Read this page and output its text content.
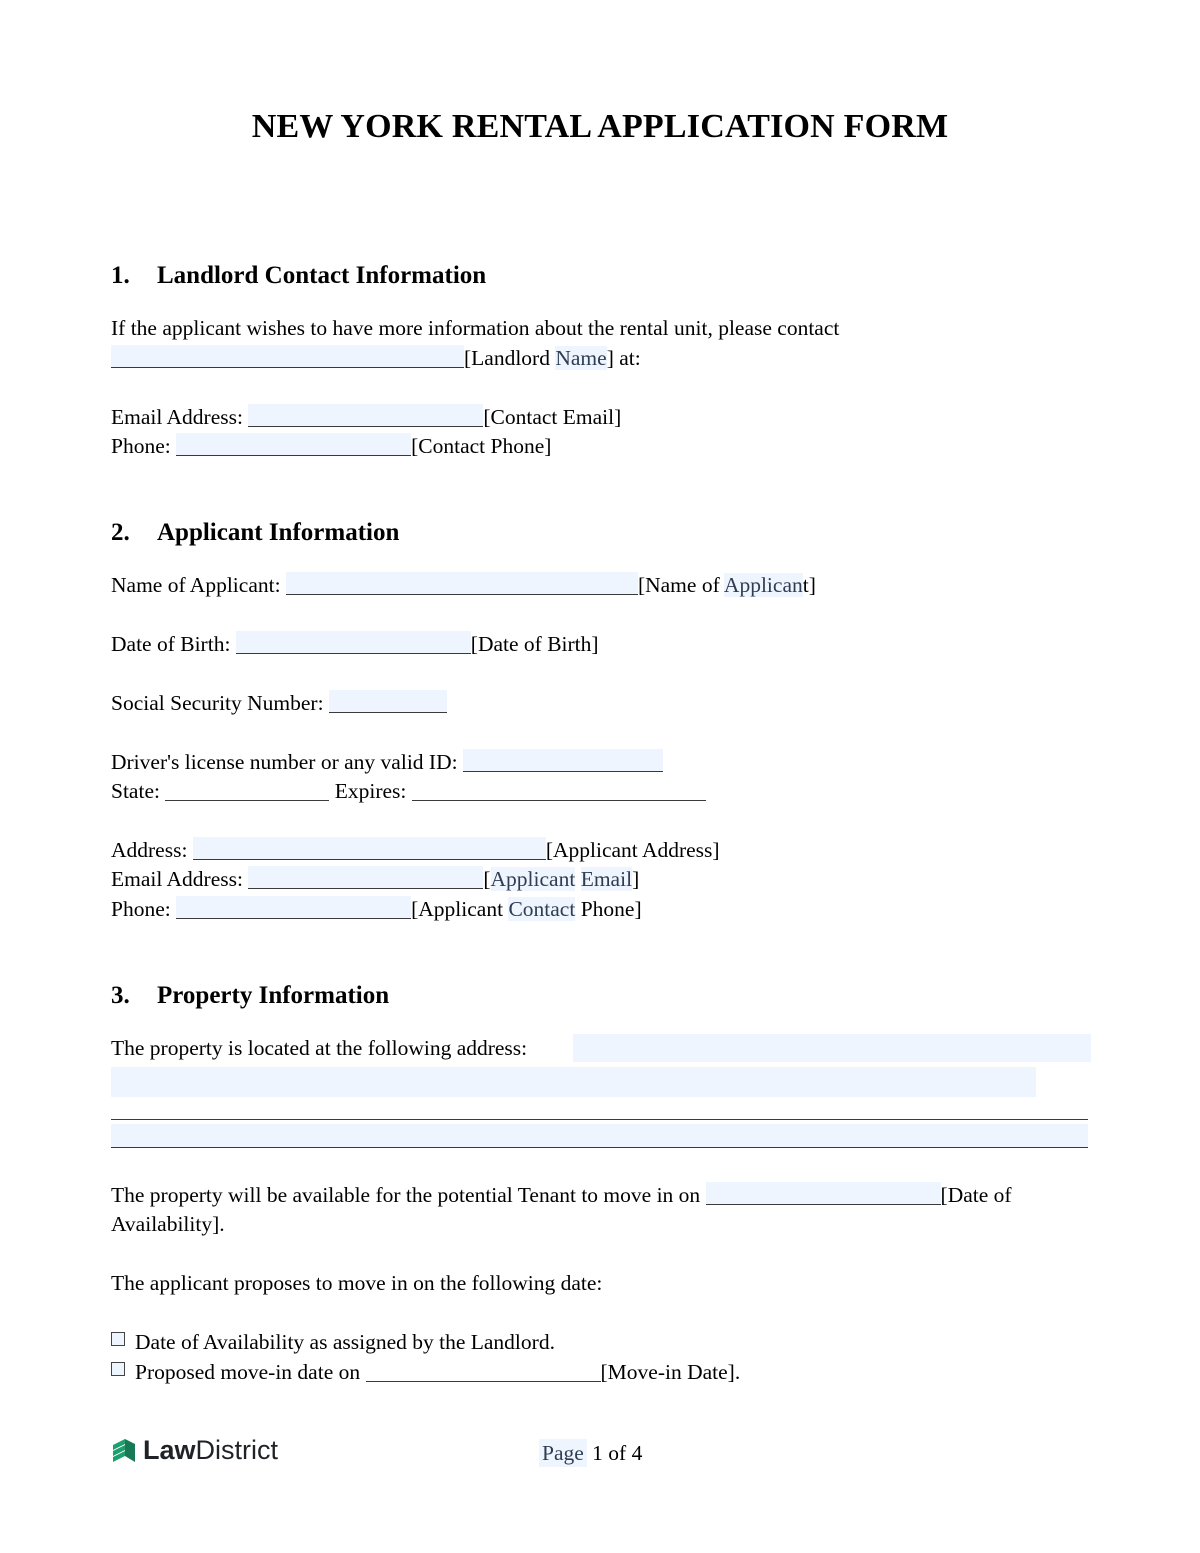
NEW YORK RENTAL APPLICATION FORM
1. Landlord Contact Information
If the applicant wishes to have more information about the rental unit, please contact
[Landlord Name] at:
Email Address:	[Contact Email]
Phone:	[Contact Phone]
2. Applicant Information
Name of Applicant:	[Name of Applicant]
Date of Birth:	[Date of Birth]
Social Security Number:
Driver's license number or any valid ID:
State:	Expires:
Address:	[Applicant Address]
Email Address:	[Applicant Email]
Phone:	[Applicant Contact Phone]
3. Property Information
The property is located at the following address:
The property will be available for the potential Tenant to move in on	[Date of
Availability].
The applicant proposes to move in on the following date:
Date of Availability as assigned by the Landlord.
Proposed move-in date on	[Move-in Date].
Law District	Page 1 of 4
